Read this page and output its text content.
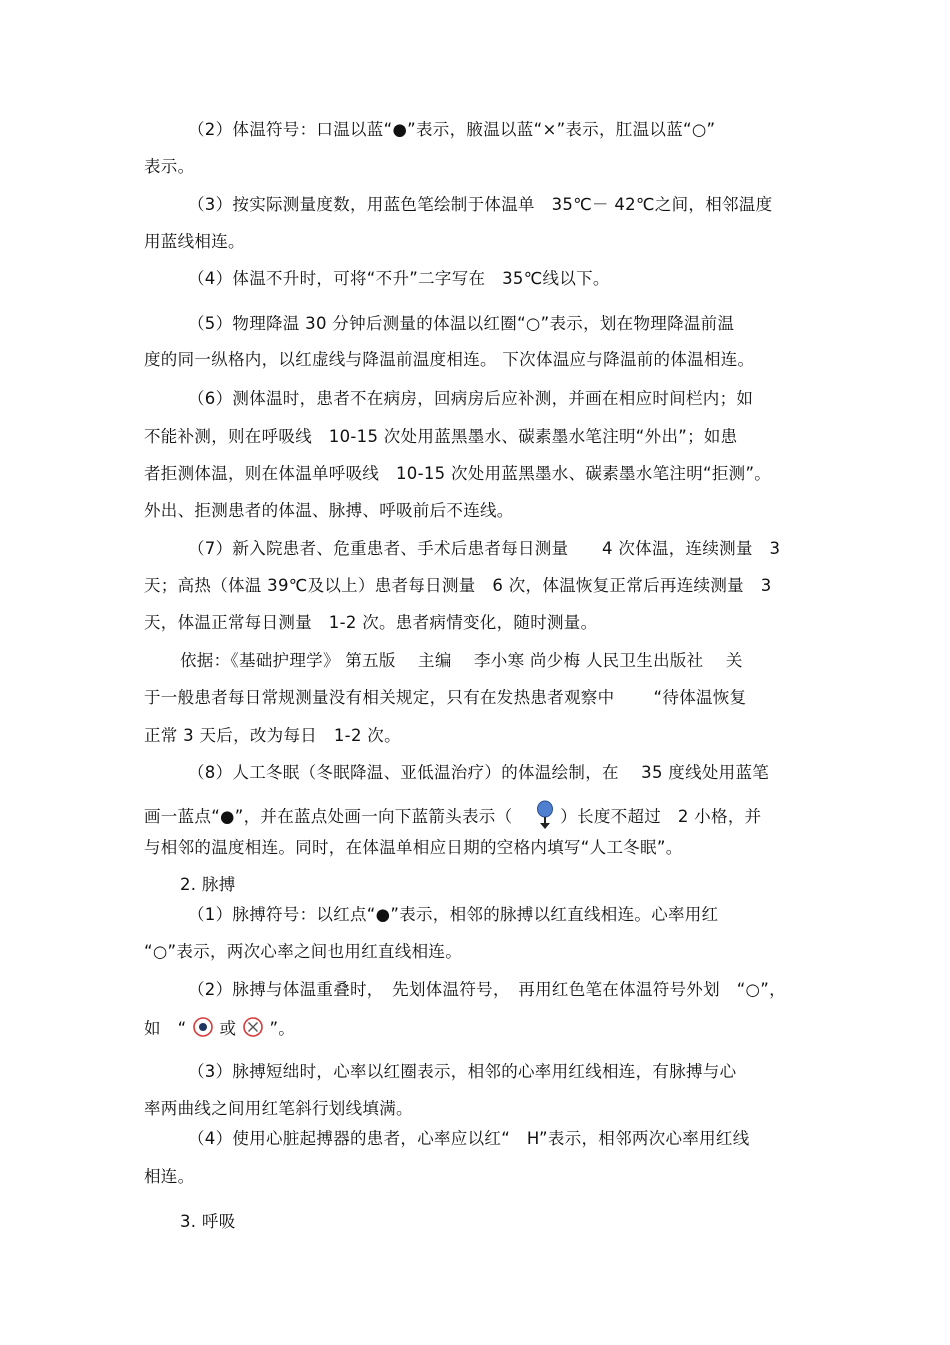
（2）体温符号：口温以蓝“●”表示，腋温以蓝“×”表示，肛温以蓝“○”
表示。
（3）按实际测量度数，用蓝色笔绘制于体温单　35℃－ 42℃之间，相邻温度
用蓝线相连。
（4）体温不升时，可将“不升”二字写在　35℃线以下。
（5）物理降温 30 分钟后测量的体温以红圈“○”表示，划在物理降温前温
度的同一纵格内，以红虚线与降温前温度相连。 下次体温应与降温前的体温相连。
（6）测体温时，患者不在病房，回病房后应补测，并画在相应时间栏内；如
不能补测，则在呼吸线　10-15 次处用蓝黑墨水、碳素墨水笔注明“外出”；如患
者拒测体温，则在体温单呼吸线　10-15 次处用蓝黑墨水、碳素墨水笔注明“拒测”。
外出、拒测患者的体温、脉搏、呼吸前后不连线。
（7）新入院患者、危重患者、手术后患者每日测量　　4 次体温，连续测量　3
天；高热（体温 39℃及以上）患者每日测量　6 次，体温恢复正常后再连续测量　3
天，体温正常每日测量　1-2 次。患者病情变化，随时测量。
依据：《基础护理学》 第五版　 主编　 李小寒 尚少梅 人民卫生出版社　 关
于一般患者每日常规测量没有相关规定，只有在发热患者观察中　　 “待体温恢复
正常 3 天后，改为每日　1-2 次。
（8）人工冬眠（冬眠降温、亚低温治疗）的体温绘制，在　 35 度线处用蓝笔
画一蓝点“●”，并在蓝点处画一向下蓝箭头表示（　  ）长度不超过　2 小格，并
与相邻的温度相连。同时，在体温单相应日期的空格内填写“人工冬眠”。
2. 脉搏
（1）脉搏符号：以红点“●”表示，相邻的脉搏以红直线相连。心率用红
“○”表示，两次心率之间也用红直线相连。
（2）脉搏与体温重叠时，　先划体温符号，　再用红色笔在体温符号外划　“○”，
如　“ 或 ”。
（3）脉搏短绌时，心率以红圈表示，相邻的心率用红线相连，有脉搏与心
率两曲线之间用红笔斜行划线填满。
（4）使用心脏起搏器的患者，心率应以红“　H”表示，相邻两次心率用红线
相连。
3. 呼吸
